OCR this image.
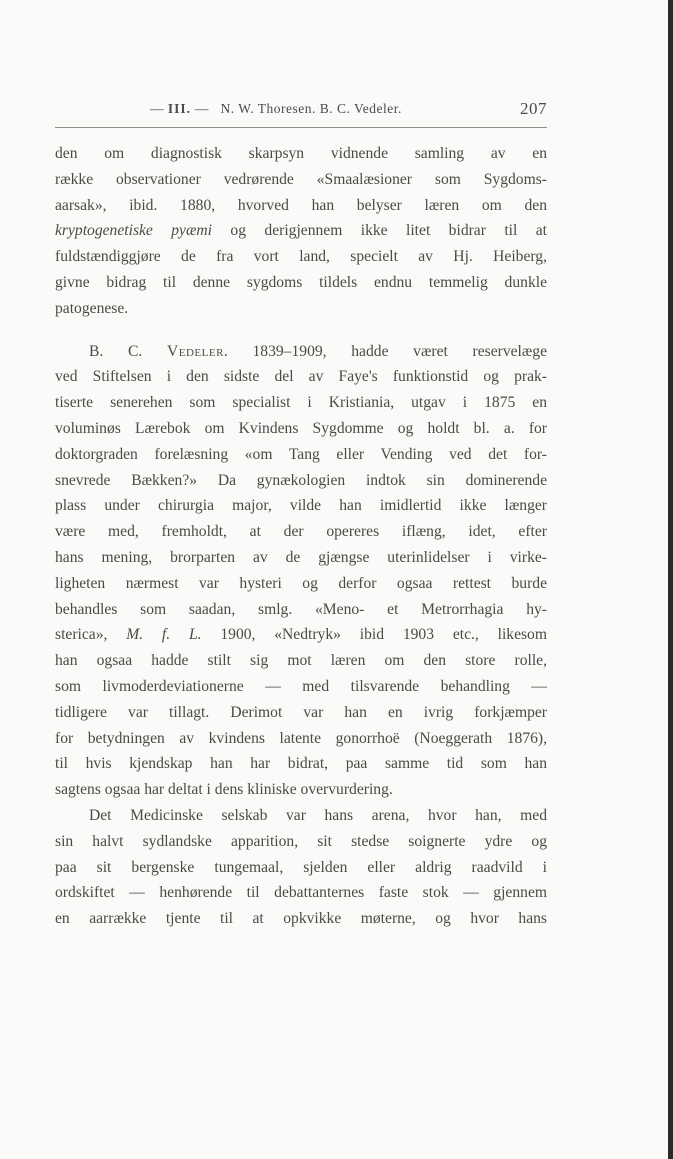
— III. —   N. W. Thoresen. B. C. Vedeler.	207
den om diagnostisk skarpsyn vidnende samling av en
række observationer vedrørende «Smaalæsioner som Sygdoms-
aarsak», ibid. 1880, hvorved han belyser læren om den
kryptogenetiske pyæmi og derigjennem ikke litet bidrar til at
fuldstændiggjøre de fra vort land, specielt av Hj. Heiberg,
givne bidrag til denne sygdoms tildels endnu temmelig dunkle
patogenese.
B. C. Vedeler. 1839–1909, hadde været reservelæge
ved Stiftelsen i den sidste del av Faye's funktionstid og prak-
tiserte senerehen som specialist i Kristiania, utgav i 1875 en
voluminøs Lærebok om Kvindens Sygdomme og holdt bl. a. for
doktorgraden forelæsning «om Tang eller Vending ved det for-
snevrede Bækken?» Da gynækologien indtok sin dominerende
plass under chirurgia major, vilde han imidlertid ikke længer
være med, fremholdt, at der opereres iflæng, idet, efter
hans mening, brorparten av de gjængse uterinlidelser i virke-
ligheten nærmest var hysteri og derfor ogsaa rettest burde
behandles som saadan, smlg. «Meno- et Metrorrhagia hy-
sterica», M. f. L. 1900, «Nedtryk» ibid 1903 etc., likesom
han ogsaa hadde stilt sig mot læren om den store rolle,
som livmoderdeviationerne — med tilsvarende behandling —
tidligere var tillagt. Derimot var han en ivrig forkjæmper
for betydningen av kvindens latente gonorrhoë (Noeggerath 1876),
til hvis kjendskap han har bidrat, paa samme tid som han
sagtens ogsaa har deltat i dens kliniske overvurdering.
Det Medicinske selskab var hans arena, hvor han, med
sin halvt sydlandske apparition, sit stedse soignerte ydre og
paa sit bergenske tungemaal, sjelden eller aldrig raadvild i
ordskiftet — henhørende til debattanternes faste stok — gjennem
en aarrække tjente til at opkvikke møterne, og hvor hans
